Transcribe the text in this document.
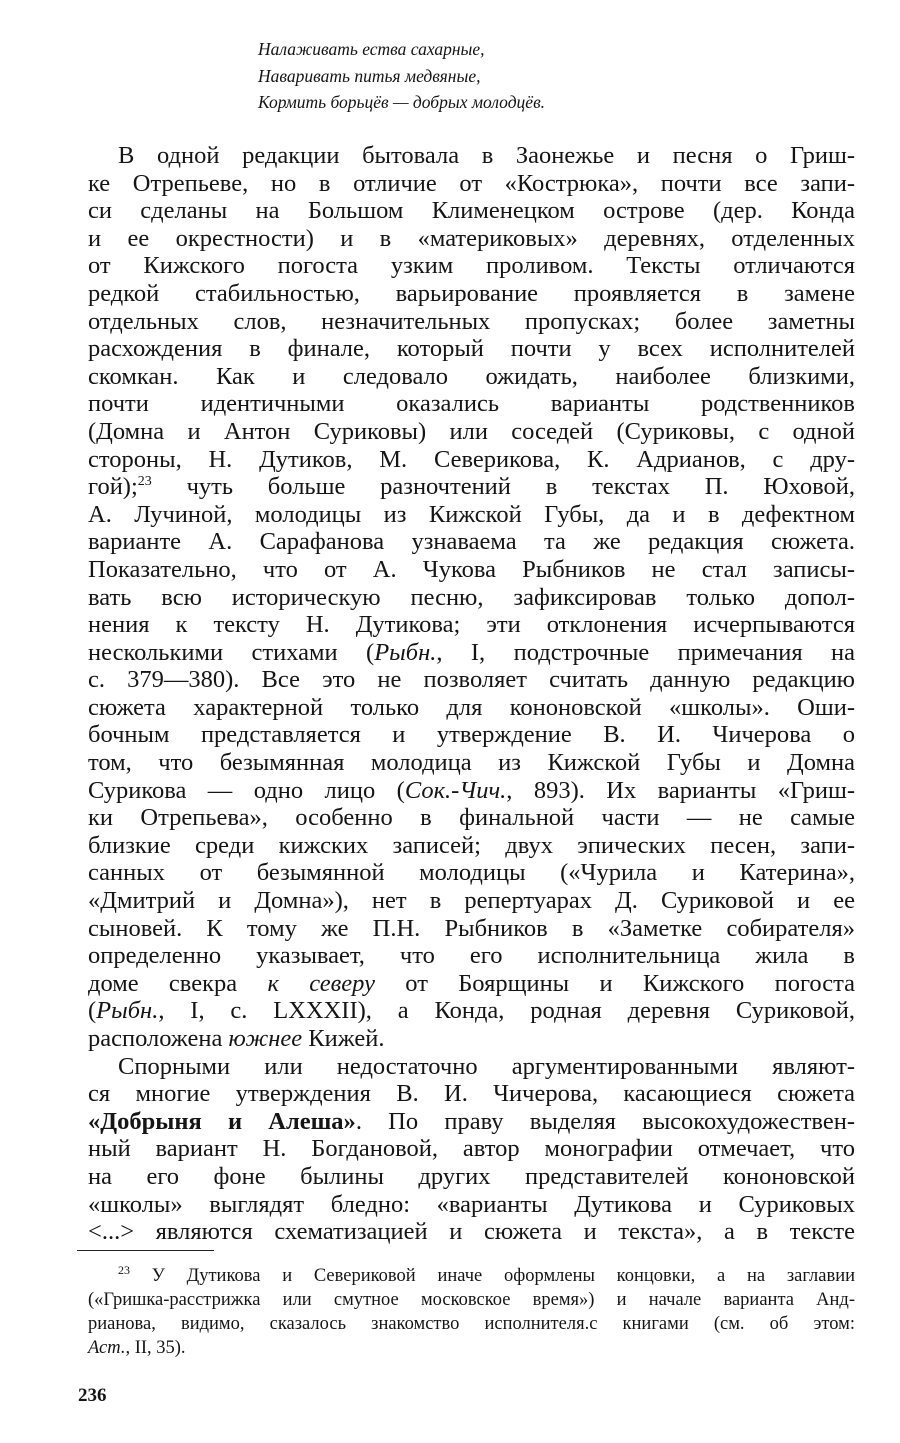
Налаживать ества сахарные,
Наваривать питья медвяные,
Кормить борьцёв — добрых молодцёв.
В одной редакции бытовала в Заонежье и песня о Гриш-
ке Отрепьеве, но в отличие от «Кострюка», почти все запи-
си сделаны на Большом Клименецком острове (дер. Конда
и ее окрестности) и в «материковых» деревнях, отделенных
от Кижского погоста узким проливом. Тексты отличаются
редкой стабильностью, варьирование проявляется в замене
отдельных слов, незначительных пропусках; более заметны
расхождения в финале, который почти у всех исполнителей
скомкан. Как и следовало ожидать, наиболее близкими,
почти идентичными оказались варианты родственников
(Домна и Антон Суриковы) или соседей (Суриковы, с одной
стороны, Н. Дутиков, М. Северикова, К. Адрианов, с дру-
гой);$^{23}$ чуть больше разночтений в текстах П. Юховой,
А. Лучиной, молодицы из Кижской Губы, да и в дефектном
варианте А. Сарафанова узнаваема та же редакция сюжета.
Показательно, что от А. Чукова Рыбников не стал записы-
вать всю историческую песню, зафиксировав только допол-
нения к тексту Н. Дутикова; эти отклонения исчерпываются
несколькими стихами (Рыбн., I, подстрочные примечания на
с. 379—380). Все это не позволяет считать данную редакцию
сюжета характерной только для кононовской «школы». Оши-
бочным представляется и утверждение В. И. Чичерова о
том, что безымянная молодица из Кижской Губы и Домна
Сурикова — одно лицо (Сок.-Чич., 893). Их варианты «Гриш-
ки Отрепьева», особенно в финальной части — не самые
близкие среди кижских записей; двух эпических песен, запи-
санных от безымянной молодицы («Чурила и Катерина»,
«Дмитрий и Домна»), нет в репертуарах Д. Суриковой и ее
сыновей. К тому же П.Н. Рыбников в «Заметке собирателя»
определенно указывает, что его исполнительница жила в
доме свекра к северу от Боярщины и Кижского погоста
(Рыбн., I, с. LXXXII), а Конда, родная деревня Суриковой,
расположена южнее Кижей.
Спорными или недостаточно аргументированными являют-
ся многие утверждения В. И. Чичерова, касающиеся сюжета
«Добрыня и Алеша». По праву выделяя высокохудожествен-
ный вариант Н. Богдановой, автор монографии отмечает, что
на его фоне былины других представителей кононовской
«школы» выглядят бледно: «варианты Дутикова и Суриковых
<...> являются схематизацией и сюжета и текста», а в тексте
$^{23}$ У Дутикова и Севериковой иначе оформлены концовки, а на заглавии
(«Гришка-расстрижка или смутное московское время») и начале варианта Анд-
рианова, видимо, сказалось знакомство исполнителя.с книгами (см. об этом:
Аст., II, 35).
236
